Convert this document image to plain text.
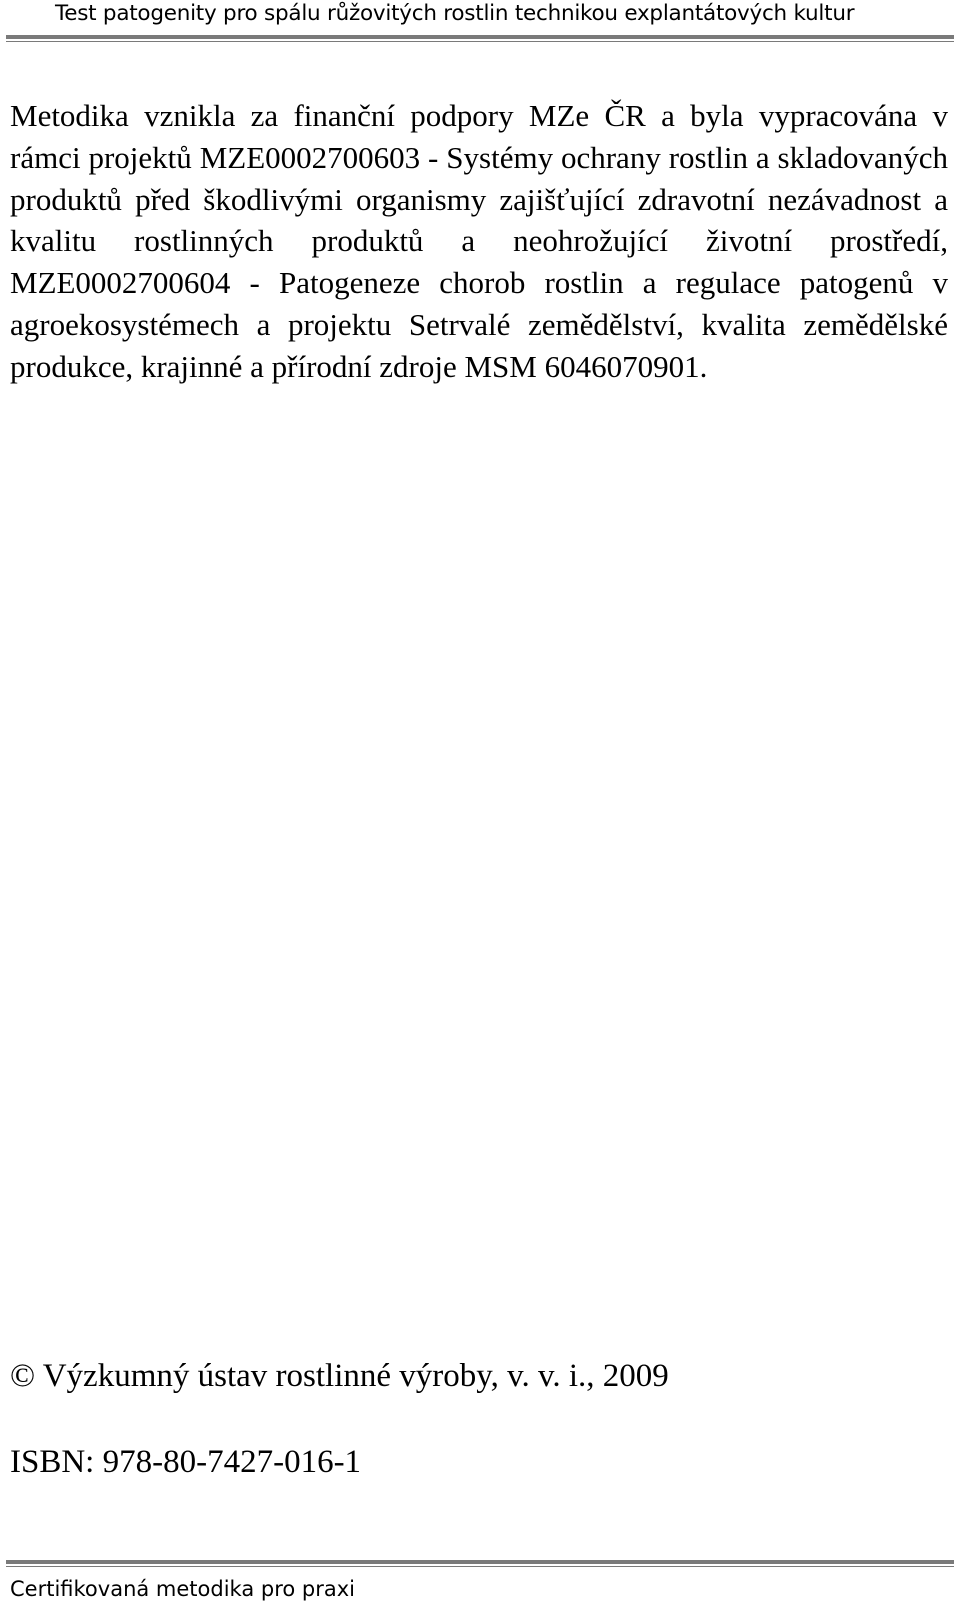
Test patogenity pro spálu růžovitých rostlin technikou explantátových kultur

Metodika vznikla za finanční podpory MZe ČR a byla vypracována v rámci projektů MZE0002700603 - Systémy ochrany rostlin a skladovaných produktů před škodlivými organismy zajišťující zdravotní nezávadnost a kvalitu rostlinných produktů a neohrožující životní prostředí, MZE0002700604 - Patogeneze chorob rostlin a regulace patogenů v agroekosystémech a projektu Setrvalé zemědělství, kvalita zemědělské produkce, krajinné a přírodní zdroje MSM 6046070901.

© Výzkumný ústav rostlinné výroby, v. v. i., 2009

ISBN: 978-80-7427-016-1

Certifikovaná metodika pro praxi
